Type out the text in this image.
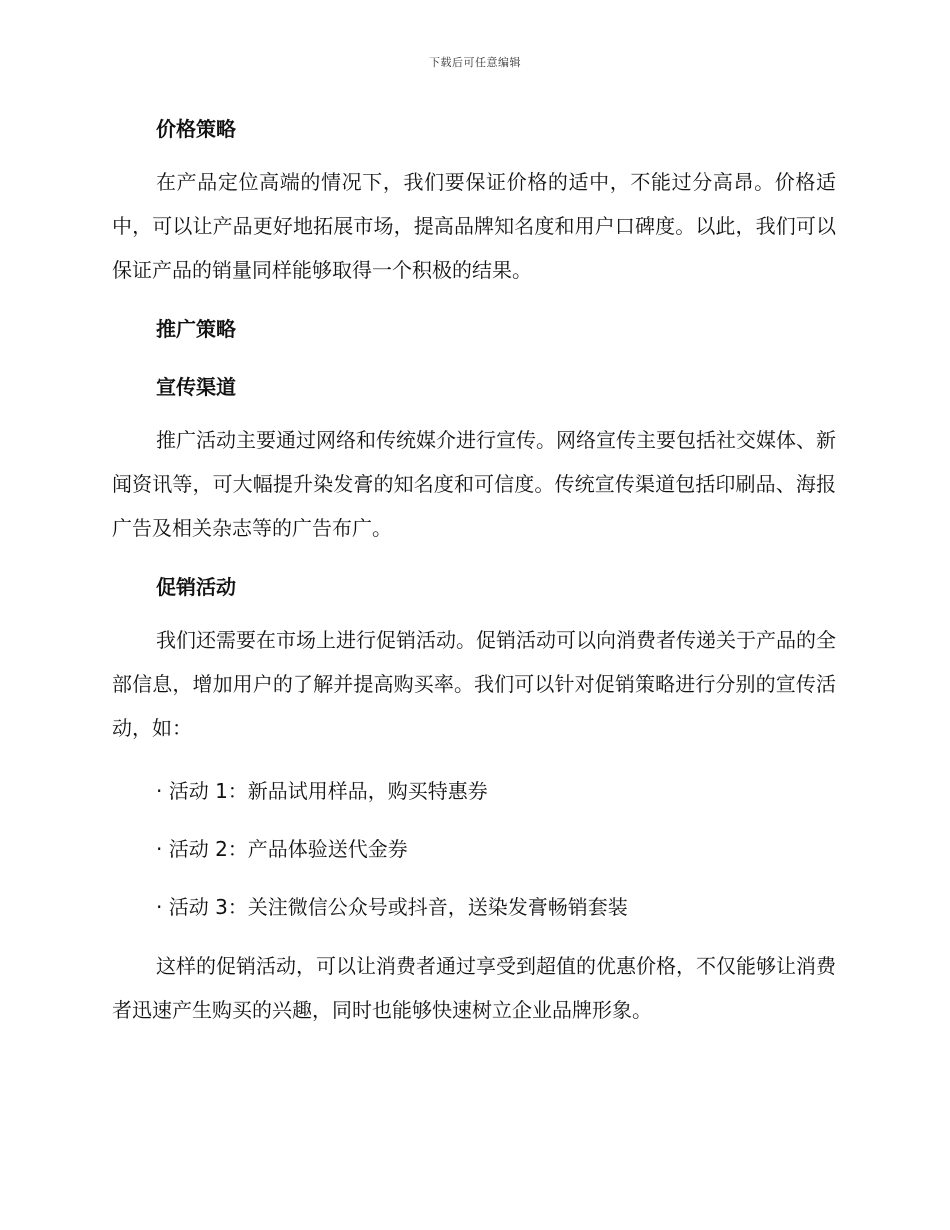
下载后可任意编辑
价格策略

在产品定位高端的情况下，我们要保证价格的适中，不能过分高昂。价格适中，可以让产品更好地拓展市场，提高品牌知名度和用户口碑度。以此，我们可以保证产品的销量同样能够取得一个积极的结果。

推广策略
宣传渠道

推广活动主要通过网络和传统媒介进行宣传。网络宣传主要包括社交媒体、新闻资讯等，可大幅提升染发膏的知名度和可信度。传统宣传渠道包括印刷品、海报广告及相关杂志等的广告布广。

促销活动

我们还需要在市场上进行促销活动。促销活动可以向消费者传递关于产品的全部信息，增加用户的了解并提高购买率。我们可以针对促销策略进行分别的宣传活动，如：

· 活动 1：新品试用样品，购买特惠券
· 活动 2：产品体验送代金券
· 活动 3：关注微信公众号或抖音，送染发膏畅销套装

这样的促销活动，可以让消费者通过享受到超值的优惠价格，不仅能够让消费者迅速产生购买的兴趣，同时也能够快速树立企业品牌形象。
